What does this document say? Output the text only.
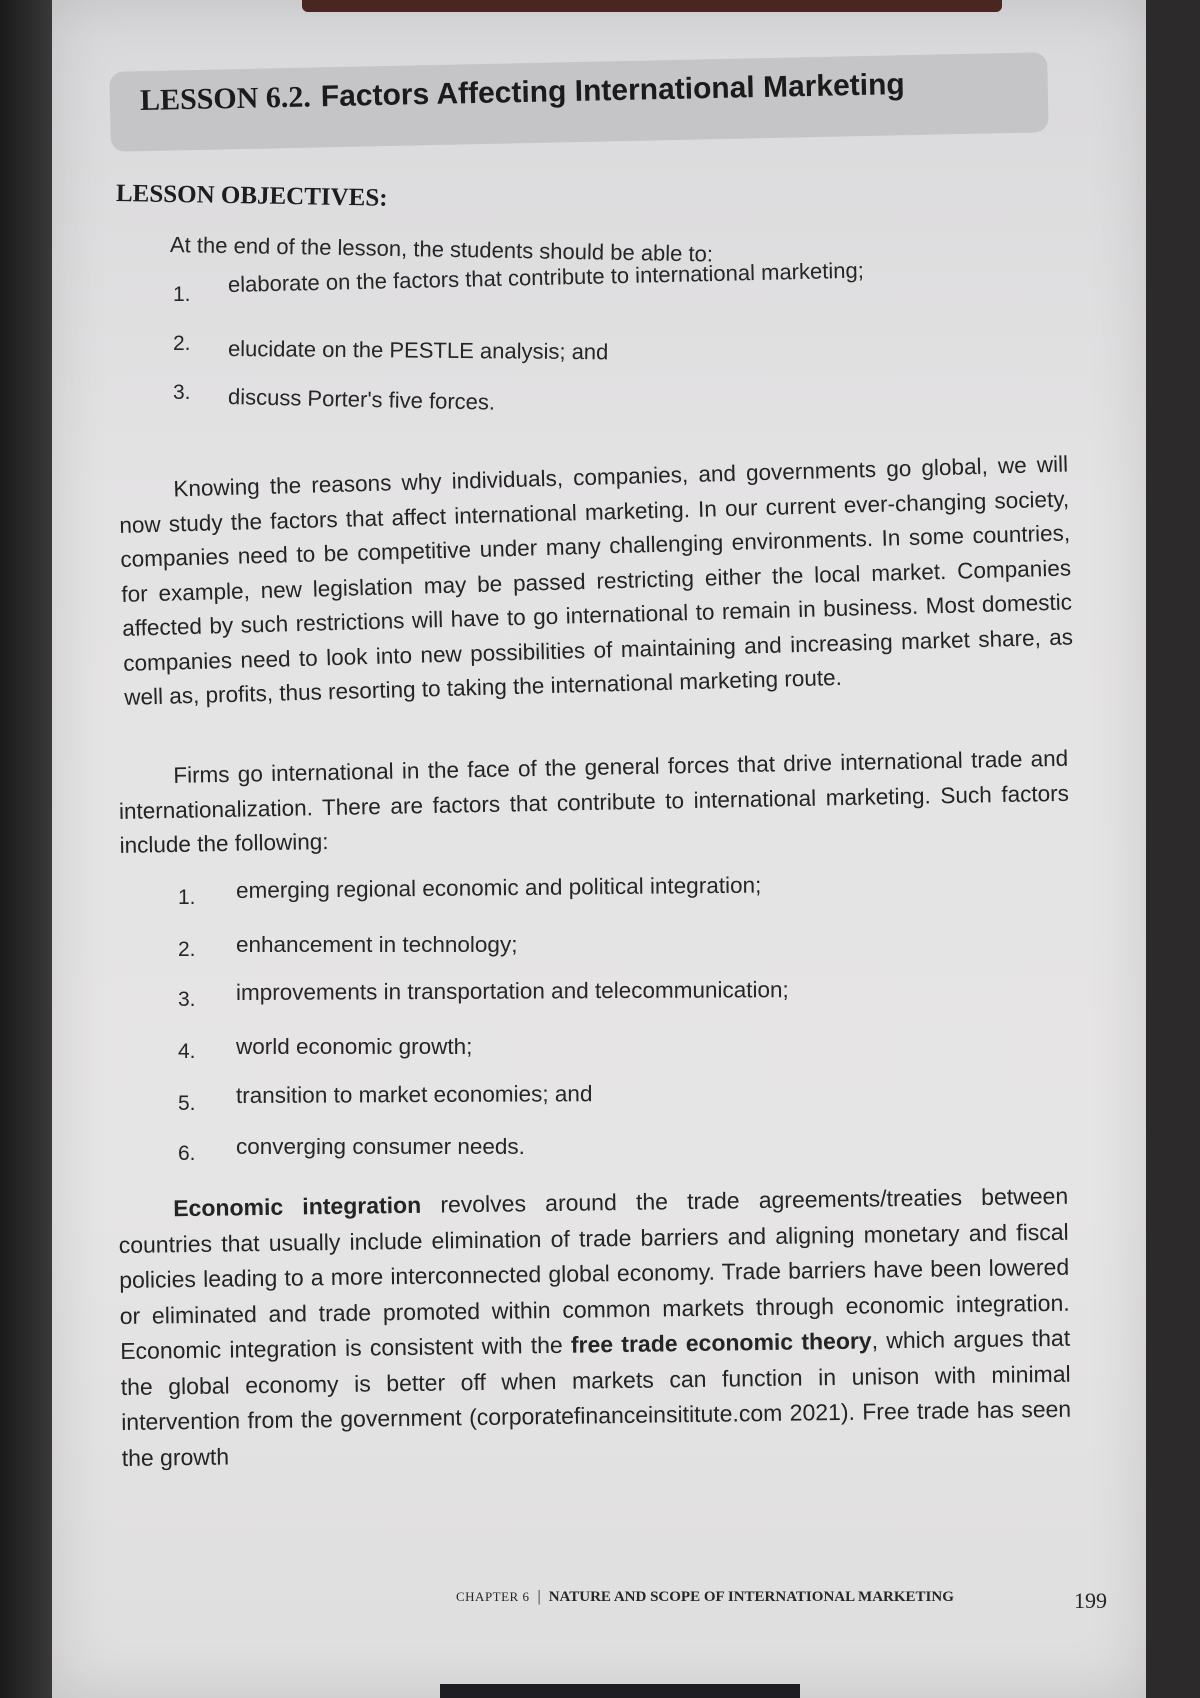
LESSON 6.2. Factors Affecting International Marketing
LESSON OBJECTIVES:
At the end of the lesson, the students should be able to:
1. elaborate on the factors that contribute to international marketing;
2. elucidate on the PESTLE analysis; and
3. discuss Porter's five forces.
Knowing the reasons why individuals, companies, and governments go global, we will now study the factors that affect international marketing. In our current ever-changing society, companies need to be competitive under many challenging environments. In some countries, for example, new legislation may be passed restricting either the local market. Companies affected by such restrictions will have to go international to remain in business. Most domestic companies need to look into new possibilities of maintaining and increasing market share, as well as, profits, thus resorting to taking the international marketing route.
Firms go international in the face of the general forces that drive international trade and internationalization. There are factors that contribute to international marketing. Such factors include the following:
1. emerging regional economic and political integration;
2. enhancement in technology;
3. improvements in transportation and telecommunication;
4. world economic growth;
5. transition to market economies; and
6. converging consumer needs.
Economic integration revolves around the trade agreements/treaties between countries that usually include elimination of trade barriers and aligning monetary and fiscal policies leading to a more interconnected global economy. Trade barriers have been lowered or eliminated and trade promoted within common markets through economic integration. Economic integration is consistent with the free trade economic theory, which argues that the global economy is better off when markets can function in unison with minimal intervention from the government (corporatefinanceinsititute.com 2021). Free trade has seen the growth
CHAPTER 6 | NATURE AND SCOPE OF INTERNATIONAL MARKETING	199
